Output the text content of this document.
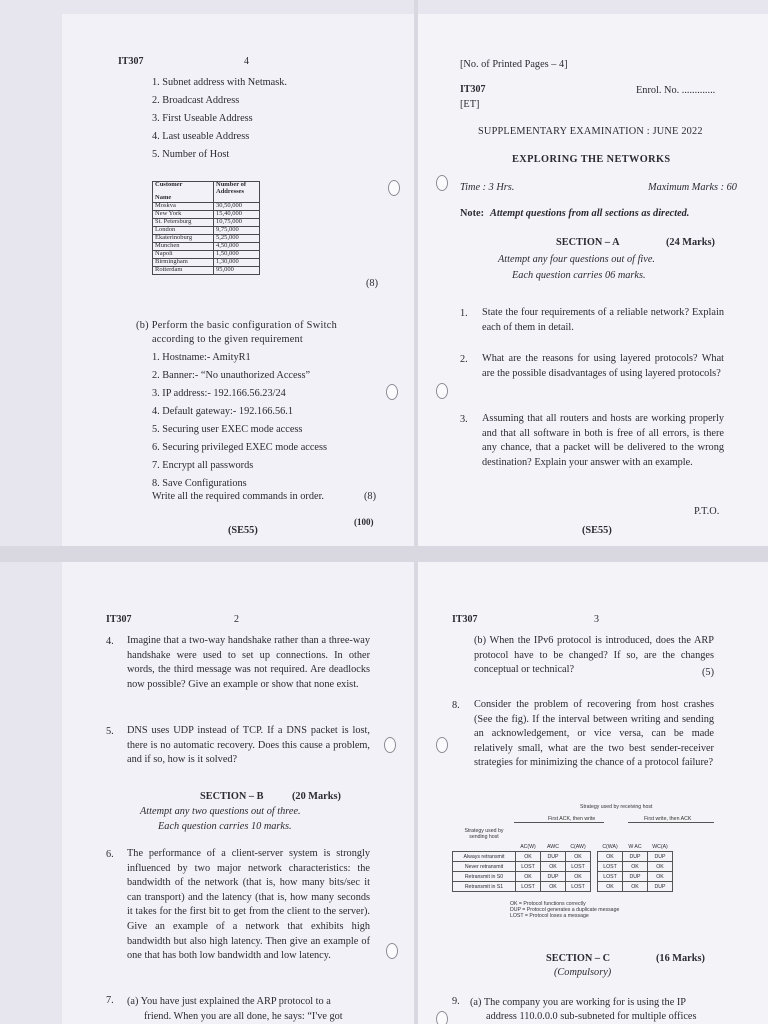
IT307	4
1. Subnet address with Netmask.
2. Broadcast Address
3. First Useable Address
4. Last useable Address
5. Number of Host
Customer

Name	Number of Addresses
Moskva	30,50,000
New York	15,40,000
St. Petersburg	10,75,000
London	9,75,000
Ekaterinoburg	5,25,000
Munchen	4,50,000
Napoli	1,50,000
Birmingham	1,30,000
Rotterdam	95,000
(8)
(b) Perform the basic configuration of Switch
according to the given requirement
1. Hostname:- AmityR1
2. Banner:- “No unauthorized Access”
3. IP address:- 192.166.56.23/24
4. Default gateway:- 192.166.56.1
5. Securing user EXEC mode access
6. Securing privileged EXEC mode access
7. Encrypt all passwords
8. Save Configurations
Write all the required commands in order.	(8)
(100)
(SE55)
[No. of Printed Pages – 4]
IT307	Enrol. No. .............
[ET]
SUPPLEMENTARY EXAMINATION : JUNE 2022
EXPLORING THE NETWORKS
Time : 3 Hrs.	Maximum Marks : 60
Note: Attempt questions from all sections as directed.
SECTION – A	(24 Marks)
Attempt any four questions out of five.
Each question carries 06 marks.
1. State the four requirements of a reliable network? Explain each of them in detail.

2. What are the reasons for using layered protocols? What are the possible disadvantages of using layered protocols?

3. Assuming that all routers and hosts are working properly and that all software in both is free of all errors, is there any chance, that a packet will be delivered to the wrong destination? Explain your answer with an example.

P.T.O.
(SE55)
IT307	2
4. Imagine that a two-way handshake rather than a three-way handshake were used to set up connections. In other words, the third message was not required. Are deadlocks now possible? Give an example or show that none exist.

5. DNS uses UDP instead of TCP. If a DNS packet is lost, there is no automatic recovery. Does this cause a problem, and if so, how is it solved?

SECTION – B	(20 Marks)
Attempt any two questions out of three.
Each question carries 10 marks.
6. The performance of a client-server system is strongly influenced by two major network characteristics: the bandwidth of the network (that is, how many bits/sec it can transport) and the latency (that is, how many seconds it takes for the first bit to get from the client to the server). Give an example of a network that exhibits high bandwidth but also high latency. Then give an example of one that has both low bandwidth and low latency.

7. (a) You have just explained the ARP protocol to a
friend. When you are all done, he says: “I've got
IT307	3

(b) When the IPv6 protocol is introduced, does the ARP protocol have to be changed? If so, are the changes conceptual or technical?	(5)
8. Consider the problem of recovering from host crashes (See the fig). If the interval between writing and sending an acknowledgement, or vice versa, can be made relatively small, what are the two best sender-receiver strategies for minimizing the chance of a protocol failure?

Strategy used by receiving host
First ACK, then write	First write, then ACK
Strategy used by sending host
	AC(W)	AWC	C(AW)		C(WA)	W AC	WC(A)
Always retransmit	OK	DUP	OK		OK	DUP	DUP
Never retransmit	LOST	OK	LOST		LOST	OK	OK
Retransmit in S0	OK	DUP	OK		LOST	DUP	OK
Retransmit in S1	LOST	OK	LOST		OK	OK	DUP
OK = Protocol functions correctly
DUP = Protocol generates a duplicate message
LOST = Protocol loses a message
SECTION – C	(16 Marks)
(Compulsory)
9. (a) The company you are working for is using the IP
address 110.0.0.0 sub-subneted for multiple offices
